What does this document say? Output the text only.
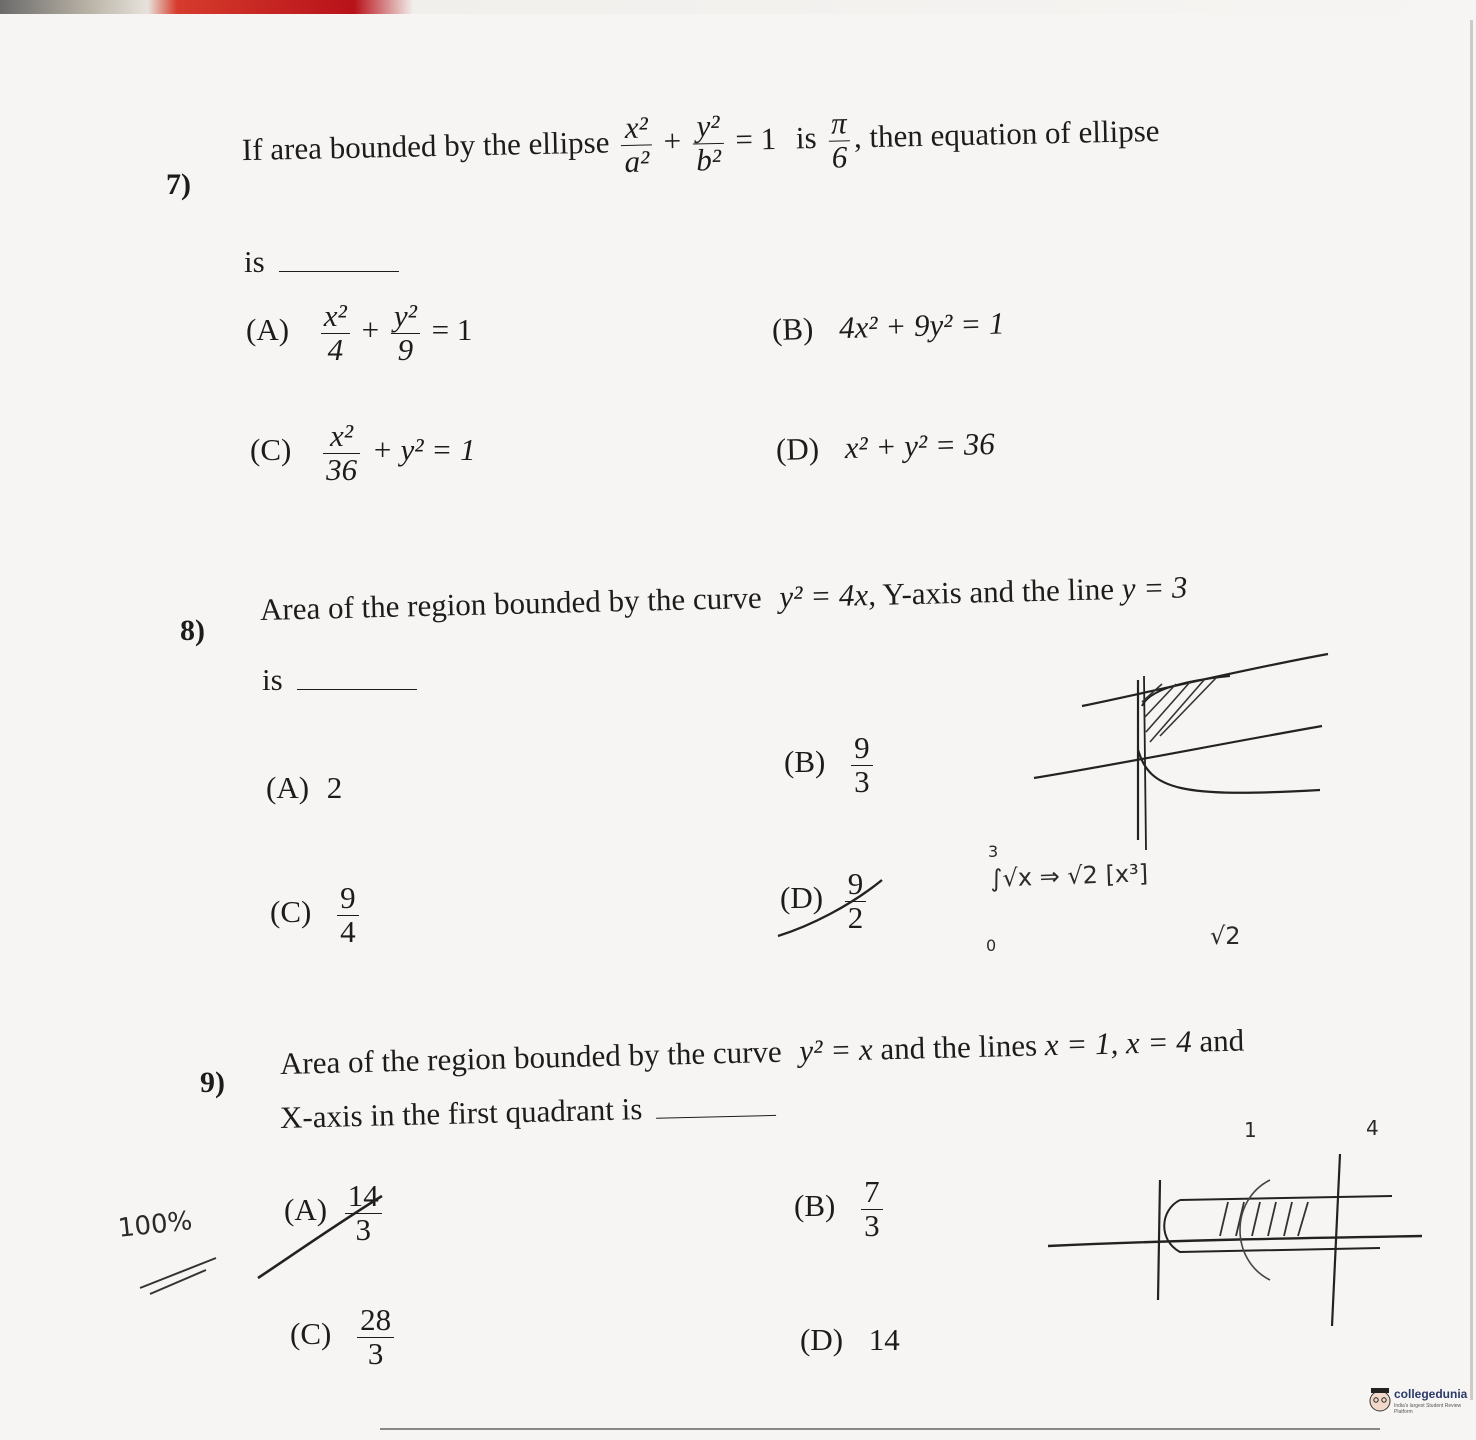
7)
If area bounded by the ellipse $\frac{\text{x²}}{\text{a²}} + \frac{\text{y²}}{\text{b²}} = 1$ is $\frac{\pi}{6}$ , then equation of ellipse
is
$(A) \frac{\text{x²}}{4} + \frac{\text{y²}}{9} = 1$	(B) 4x² + 9y² = 1
$(C) \frac{\text{x²}}{36} + y^2 = 1$	(D) x² + y² = 36
8)
Area of the region bounded by the curve y² = 4x, Y-axis and the line y = 3
is
(A) 2
$(B) \frac{9}{3}$
$(C) \frac{9}{4}$	$(D) \frac{9}{2}$
3
0
∫√x ⇒ √2 [x³]
√2
9)
Area of the region bounded by the curve y² = x and the lines x = 1, x = 4 and
X-axis in the first quadrant is
$(A) \frac{14}{3}$	$(B) \frac{7}{3}$
$(C) \frac{28}{3}$	(D) 14
100%
1	4
collegedunia
India's largest Student Review Platform
